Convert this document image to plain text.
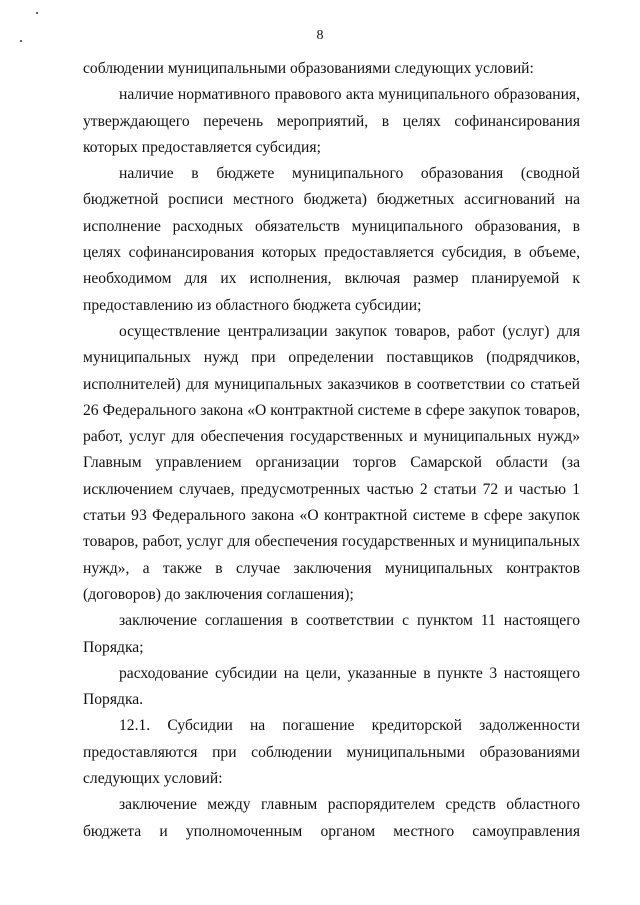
8

соблюдении муниципальными образованиями следующих условий:

наличие нормативного правового акта муниципального образования, утверждающего перечень мероприятий, в целях софинансирования которых предоставляется субсидия;

наличие в бюджете муниципального образования (сводной бюджетной росписи местного бюджета) бюджетных ассигнований на исполнение расходных обязательств муниципального образования, в целях софинансирования которых предоставляется субсидия, в объеме, необходимом для их исполнения, включая размер планируемой к предоставлению из областного бюджета субсидии;

осуществление централизации закупок товаров, работ (услуг) для муниципальных нужд при определении поставщиков (подрядчиков, исполнителей) для муниципальных заказчиков в соответствии со статьей 26 Федерального закона «О контрактной системе в сфере закупок товаров, работ, услуг для обеспечения государственных и муниципальных нужд» Главным управлением организации торгов Самарской области (за исключением случаев, предусмотренных частью 2 статьи 72 и частью 1 статьи 93 Федерального закона «О контрактной системе в сфере закупок товаров, работ, услуг для обеспечения государственных и муниципальных нужд», а также в случае заключения муниципальных контрактов (договоров) до заключения соглашения);

заключение соглашения в соответствии с пунктом 11 настоящего Порядка;

расходование субсидии на цели, указанные в пункте 3 настоящего Порядка.

12.1. Субсидии на погашение кредиторской задолженности предоставляются при соблюдении муниципальными образованиями следующих условий:

заключение между главным распорядителем средств областного бюджета и уполномоченным органом местного самоуправления
